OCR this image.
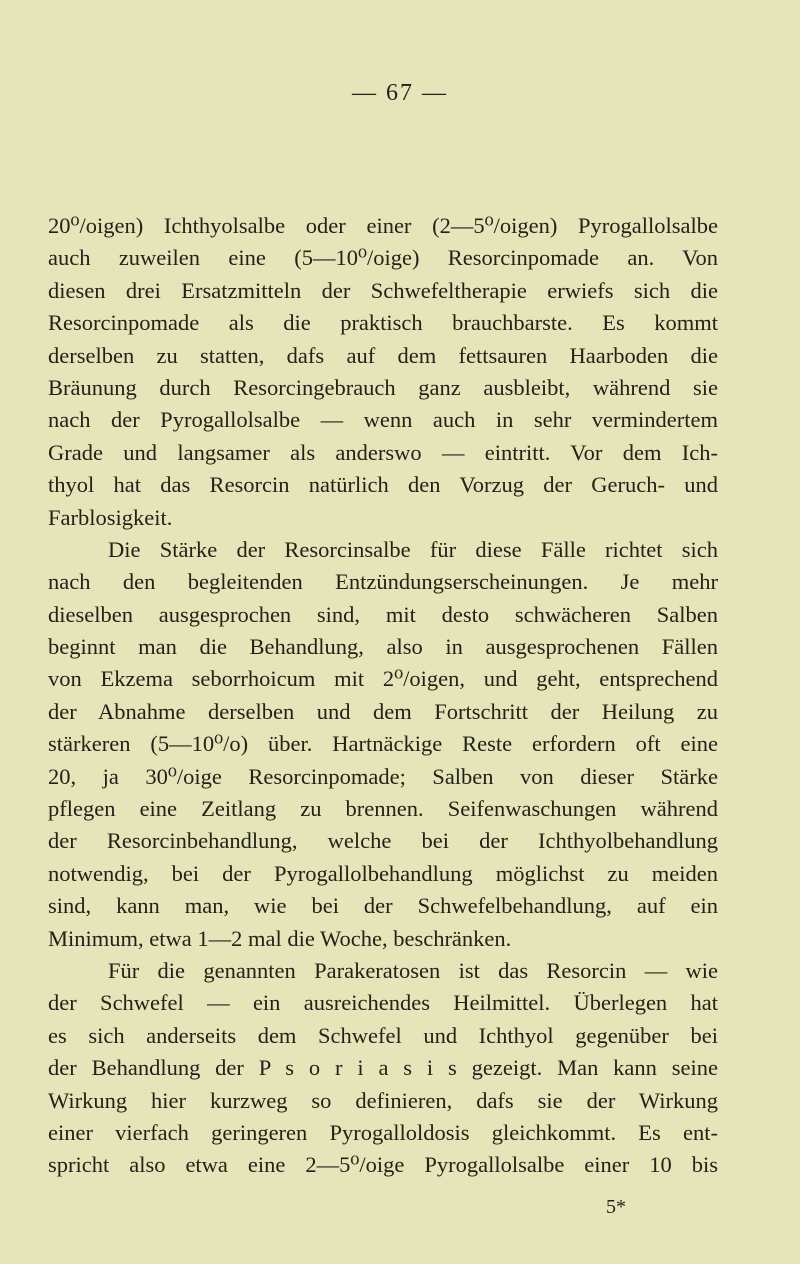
— 67 —
20⁰/oigen) Ichthyolsalbe oder einer (2—5⁰/oigen) Pyrogallolsalbe
auch zuweilen eine (5—10⁰/oige) Resorcinpomade an. Von
diesen drei Ersatzmitteln der Schwefeltherapie erwiefs sich die
Resorcinpomade als die praktisch brauchbarste. Es kommt
derselben zu statten, dafs auf dem fettsauren Haarboden die
Bräunung durch Resorcingebrauch ganz ausbleibt, während sie
nach der Pyrogallolsalbe — wenn auch in sehr vermindertem
Grade und langsamer als anderswo — eintritt. Vor dem Ich-
thyol hat das Resorcin natürlich den Vorzug der Geruch- und
Farblosigkeit.
Die Stärke der Resorcinsalbe für diese Fälle richtet sich
nach den begleitenden Entzündungserscheinungen. Je mehr
dieselben ausgesprochen sind, mit desto schwächeren Salben
beginnt man die Behandlung, also in ausgesprochenen Fällen
von Ekzema seborrhoicum mit 2⁰/oigen, und geht, entsprechend
der Abnahme derselben und dem Fortschritt der Heilung zu
stärkeren (5—10⁰/o) über. Hartnäckige Reste erfordern oft eine
20, ja 30⁰/oige Resorcinpomade; Salben von dieser Stärke
pflegen eine Zeitlang zu brennen. Seifenwaschungen während
der Resorcinbehandlung, welche bei der Ichthyolbehandlung
notwendig, bei der Pyrogallolbehandlung möglichst zu meiden
sind, kann man, wie bei der Schwefelbehandlung, auf ein
Minimum, etwa 1—2 mal die Woche, beschränken.
Für die genannten Parakeratosen ist das Resorcin — wie
der Schwefel — ein ausreichendes Heilmittel. Überlegen hat
es sich anderseits dem Schwefel und Ichthyol gegenüber bei
der Behandlung der P s o r i a s i s gezeigt. Man kann seine
Wirkung hier kurzweg so definieren, dafs sie der Wirkung
einer vierfach geringeren Pyrogalloldosis gleichkommt. Es ent-
spricht also etwa eine 2—5⁰/oige Pyrogallolsalbe einer 10 bis
5*
